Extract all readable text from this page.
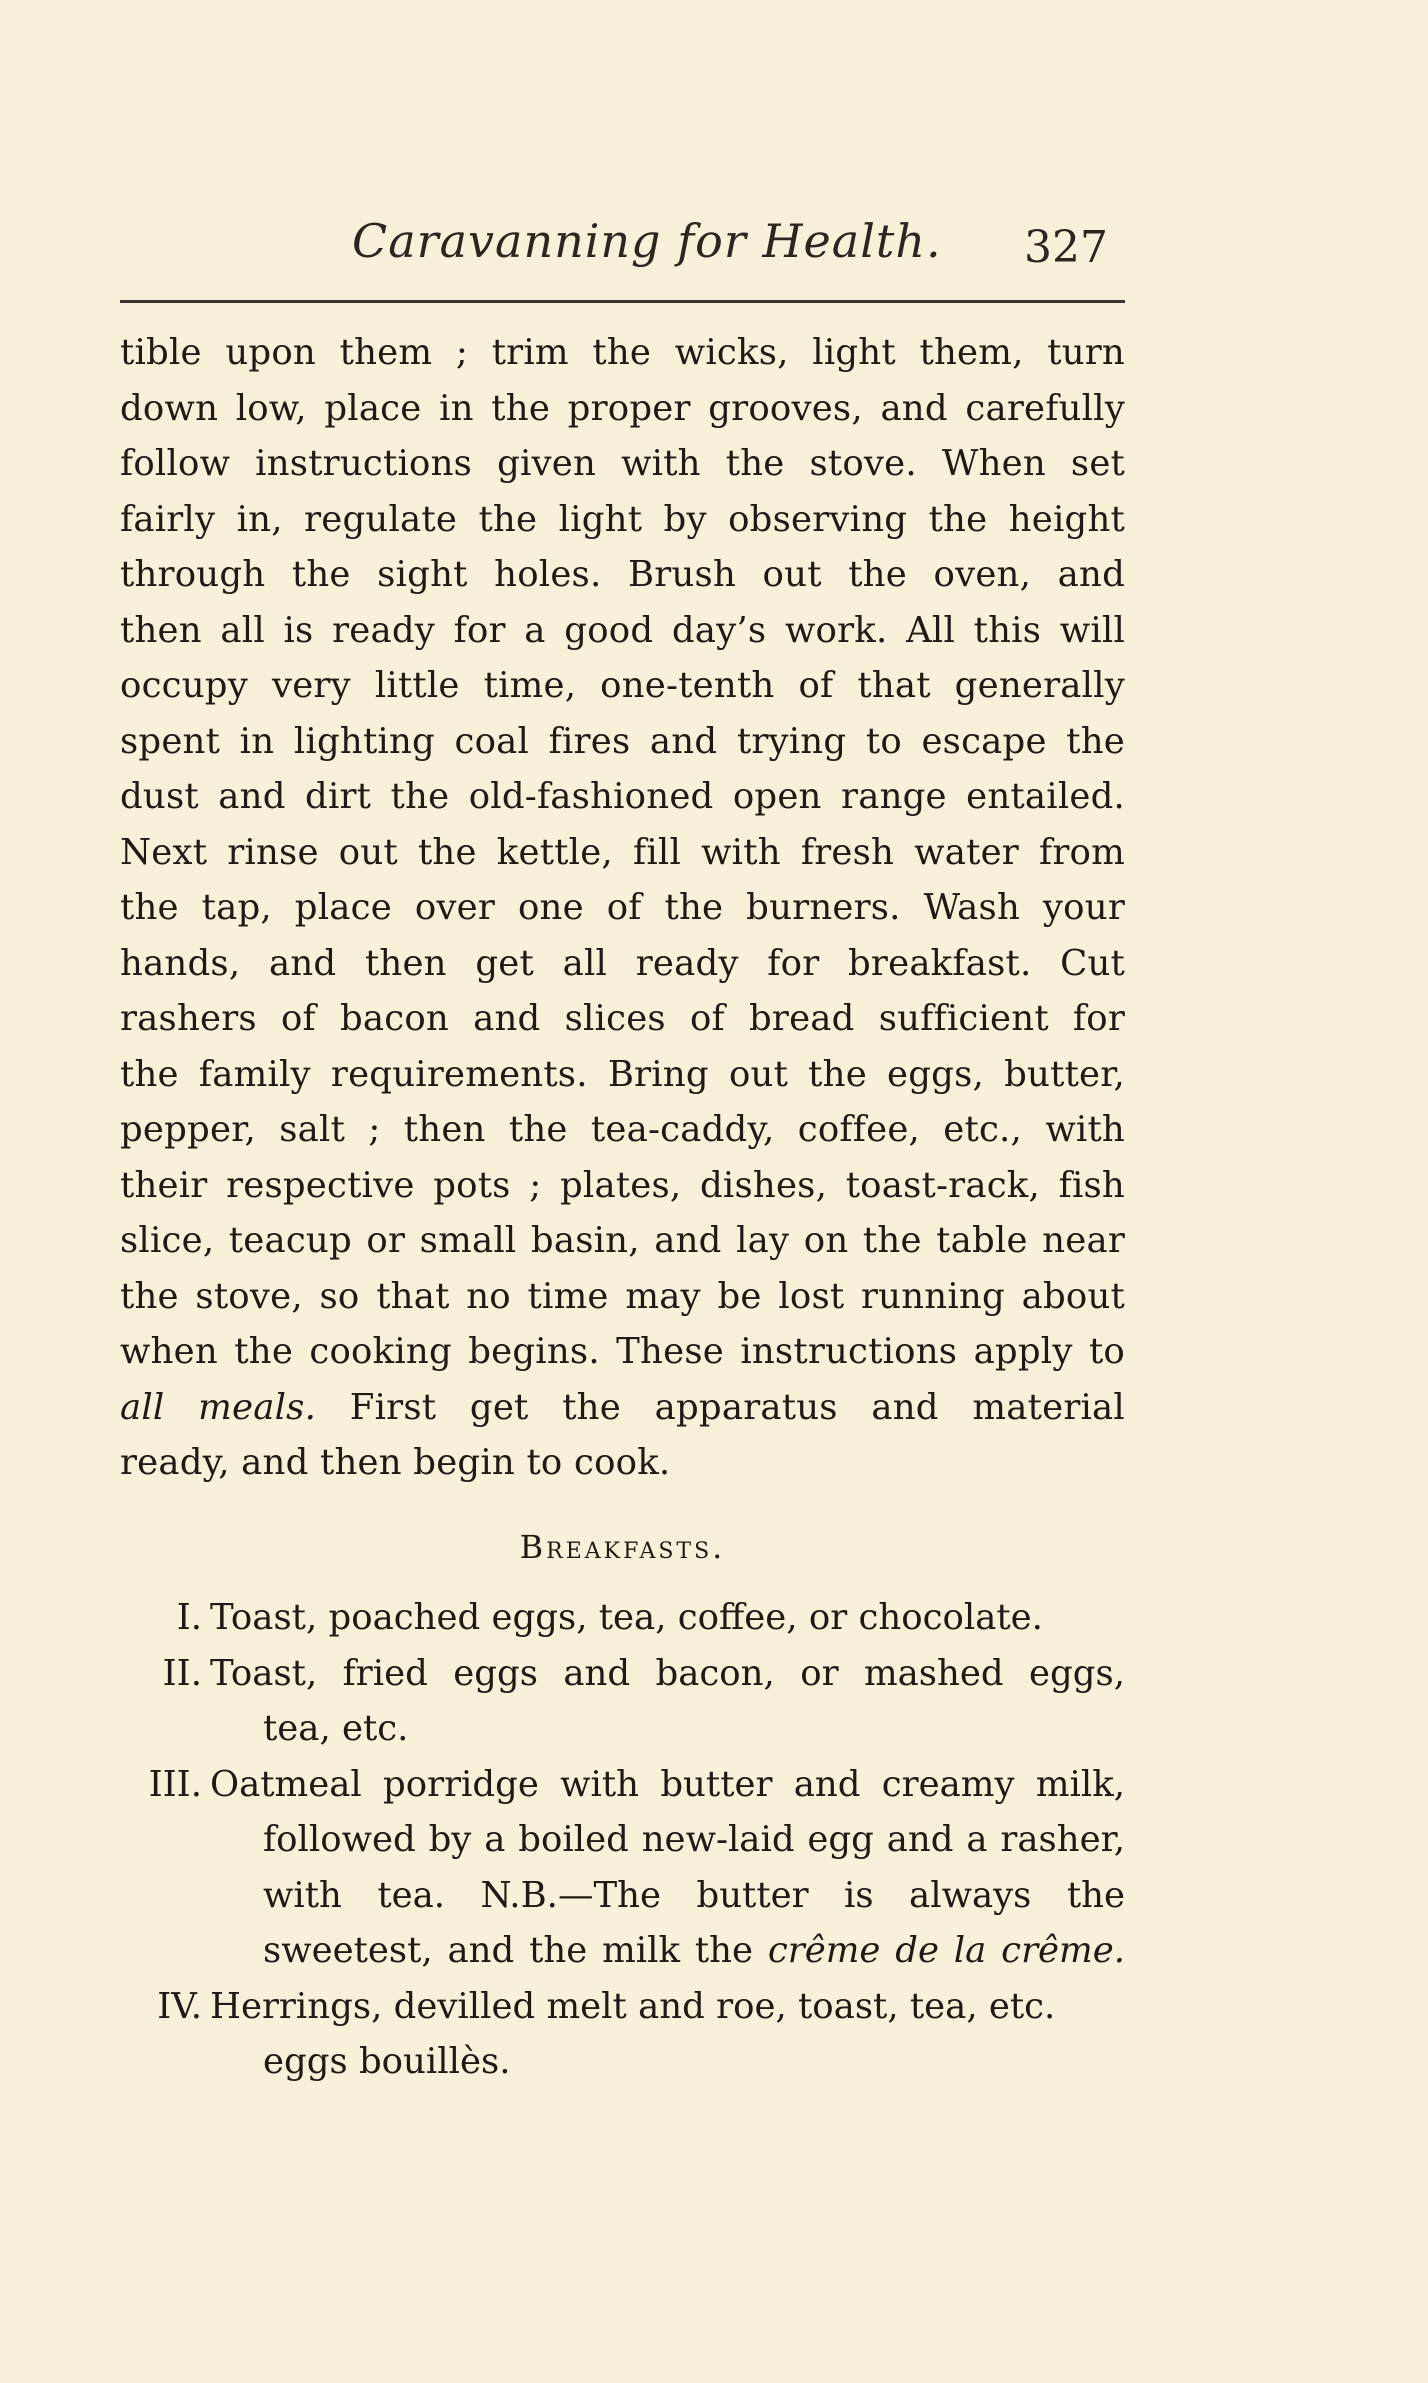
Caravanning for Health. 327
tible upon them ; trim the wicks, light them, turn
down low, place in the proper grooves, and carefully
follow instructions given with the stove. When set
fairly in, regulate the light by observing the height
through the sight holes. Brush out the oven, and
then all is ready for a good day’s work. All this will
occupy very little time, one-tenth of that generally
spent in lighting coal fires and trying to escape the
dust and dirt the old-fashioned open range entailed.
Next rinse out the kettle, fill with fresh water from
the tap, place over one of the burners. Wash your
hands, and then get all ready for breakfast. Cut
rashers of bacon and slices of bread sufficient for
the family requirements. Bring out the eggs, butter,
pepper, salt ; then the tea-caddy, coffee, etc., with
their respective pots ; plates, dishes, toast-rack, fish
slice, teacup or small basin, and lay on the table near
the stove, so that no time may be lost running about
when the cooking begins. These instructions apply to
all meals. First get the apparatus and material
ready, and then begin to cook.
Breakfasts.
I. Toast, poached eggs, tea, coffee, or chocolate.
II. Toast, fried eggs and bacon, or mashed eggs,
tea, etc.
III. Oatmeal porridge with butter and creamy milk,
followed by a boiled new-laid egg and a rasher,
with tea. N.B.—The butter is always the
sweetest, and the milk the crême de la crême.
IV. Herrings, devilled melt and roe, toast, tea, etc.
eggs bouillès.
